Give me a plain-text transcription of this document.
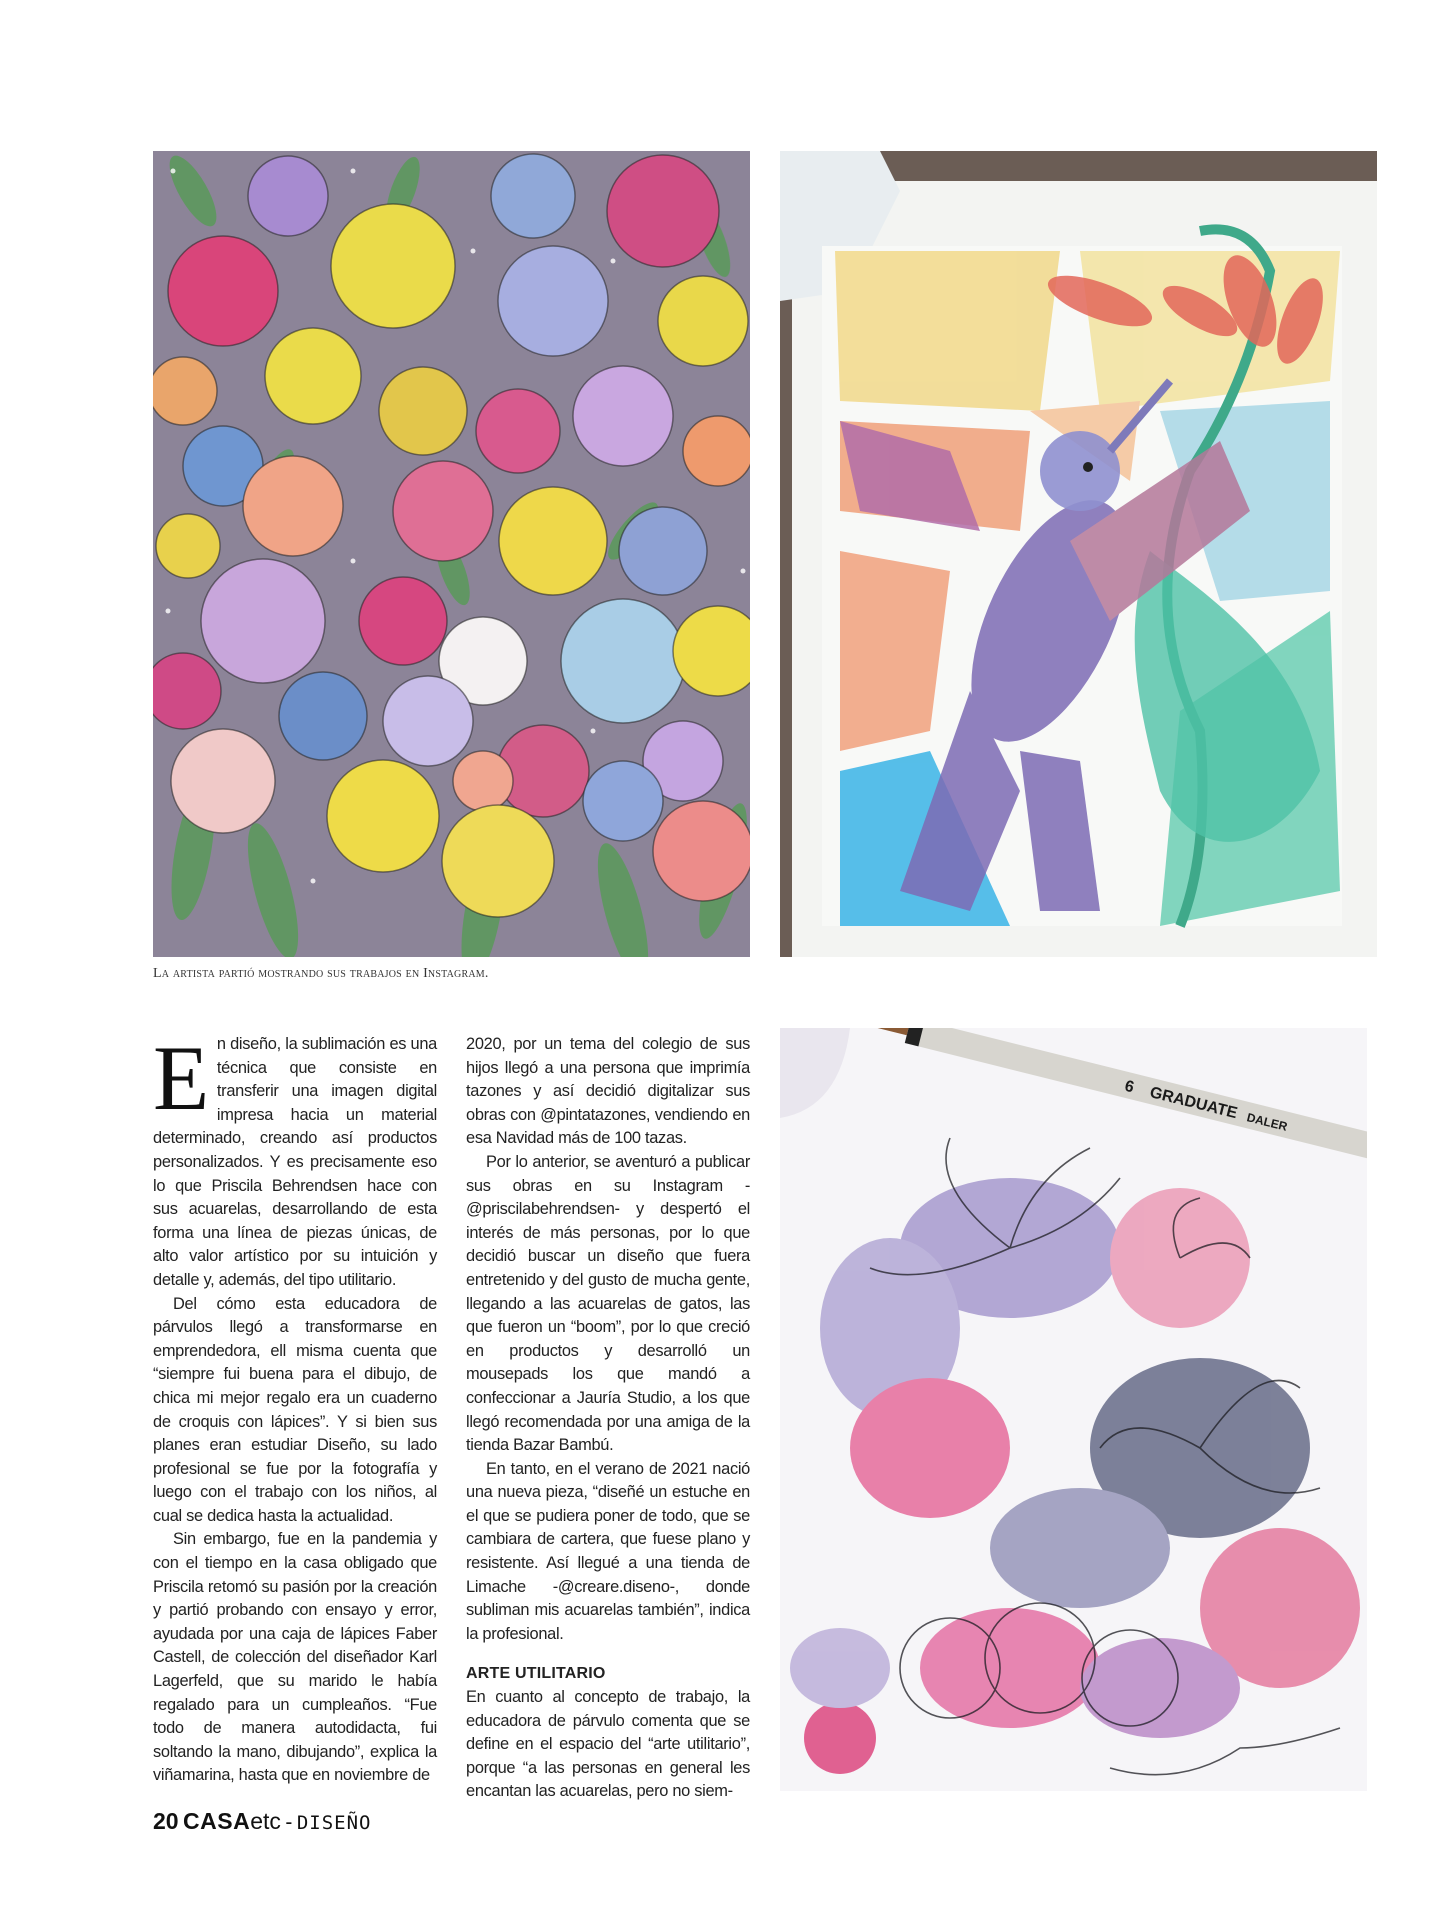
La artista partió mostrando sus trabajos en Instagram.
GRADUATE DALER
6

En diseño, la sublimación es una técnica que consiste en transferir una imagen digital impresa hacia un material determinado, creando así productos personalizados. Y es precisamente eso lo que Priscila Behrendsen hace con sus acuarelas, desarrollando de esta forma una línea de piezas únicas, de alto valor artístico por su intuición y detalle y, además, del tipo utilitario.

Del cómo esta educadora de párvulos llegó a transformarse en emprendedora, ell misma cuenta que “siempre fui buena para el dibujo, de chica mi mejor regalo era un cuaderno de croquis con lápices”. Y si bien sus planes eran estudiar Diseño, su lado profesional se fue por la fotografía y luego con el trabajo con los niños, al cual se dedica hasta la actualidad.

Sin embargo, fue en la pandemia y con el tiempo en la casa obligado que Priscila retomó su pasión por la creación y partió probando con ensayo y error, ayudada por una caja de lápices Faber Castell, de colección del diseñador Karl Lagerfeld, que su marido le había regalado para un cumpleaños. “Fue todo de manera autodidacta, fui soltando la mano, dibujando”, explica la viñamarina, hasta que en noviembre de

2020, por un tema del colegio de sus hijos llegó a una persona que imprimía tazones y así decidió digitalizar sus obras con @pintatazones, vendiendo en esa Navidad más de 100 tazas.

Por lo anterior, se aventuró a publicar sus obras en su Instagram -@priscilabehrendsen- y despertó el interés de más personas, por lo que decidió buscar un diseño que fuera entretenido y del gusto de mucha gente, llegando a las acuarelas de gatos, las que fueron un “boom”, por lo que creció en productos y desarrolló un mousepads los que mandó a confeccionar a Jauría Studio, a los que llegó recomendada por una amiga de la tienda Bazar Bambú.

En tanto, en el verano de 2021 nació una nueva pieza, “diseñé un estuche en el que se pudiera poner de todo, que se cambiara de cartera, que fuese plano y resistente. Así llegué a una tienda de Limache -@creare.diseno-, donde subliman mis acuarelas también”, indica la profesional.

ARTE UTILITARIO

En cuanto al concepto de trabajo, la educadora de párvulo comenta que se define en el espacio del “arte utilitario”, porque “a las personas en general les encantan las acuarelas, pero no siem-

20 CASAetc - DISEÑO
